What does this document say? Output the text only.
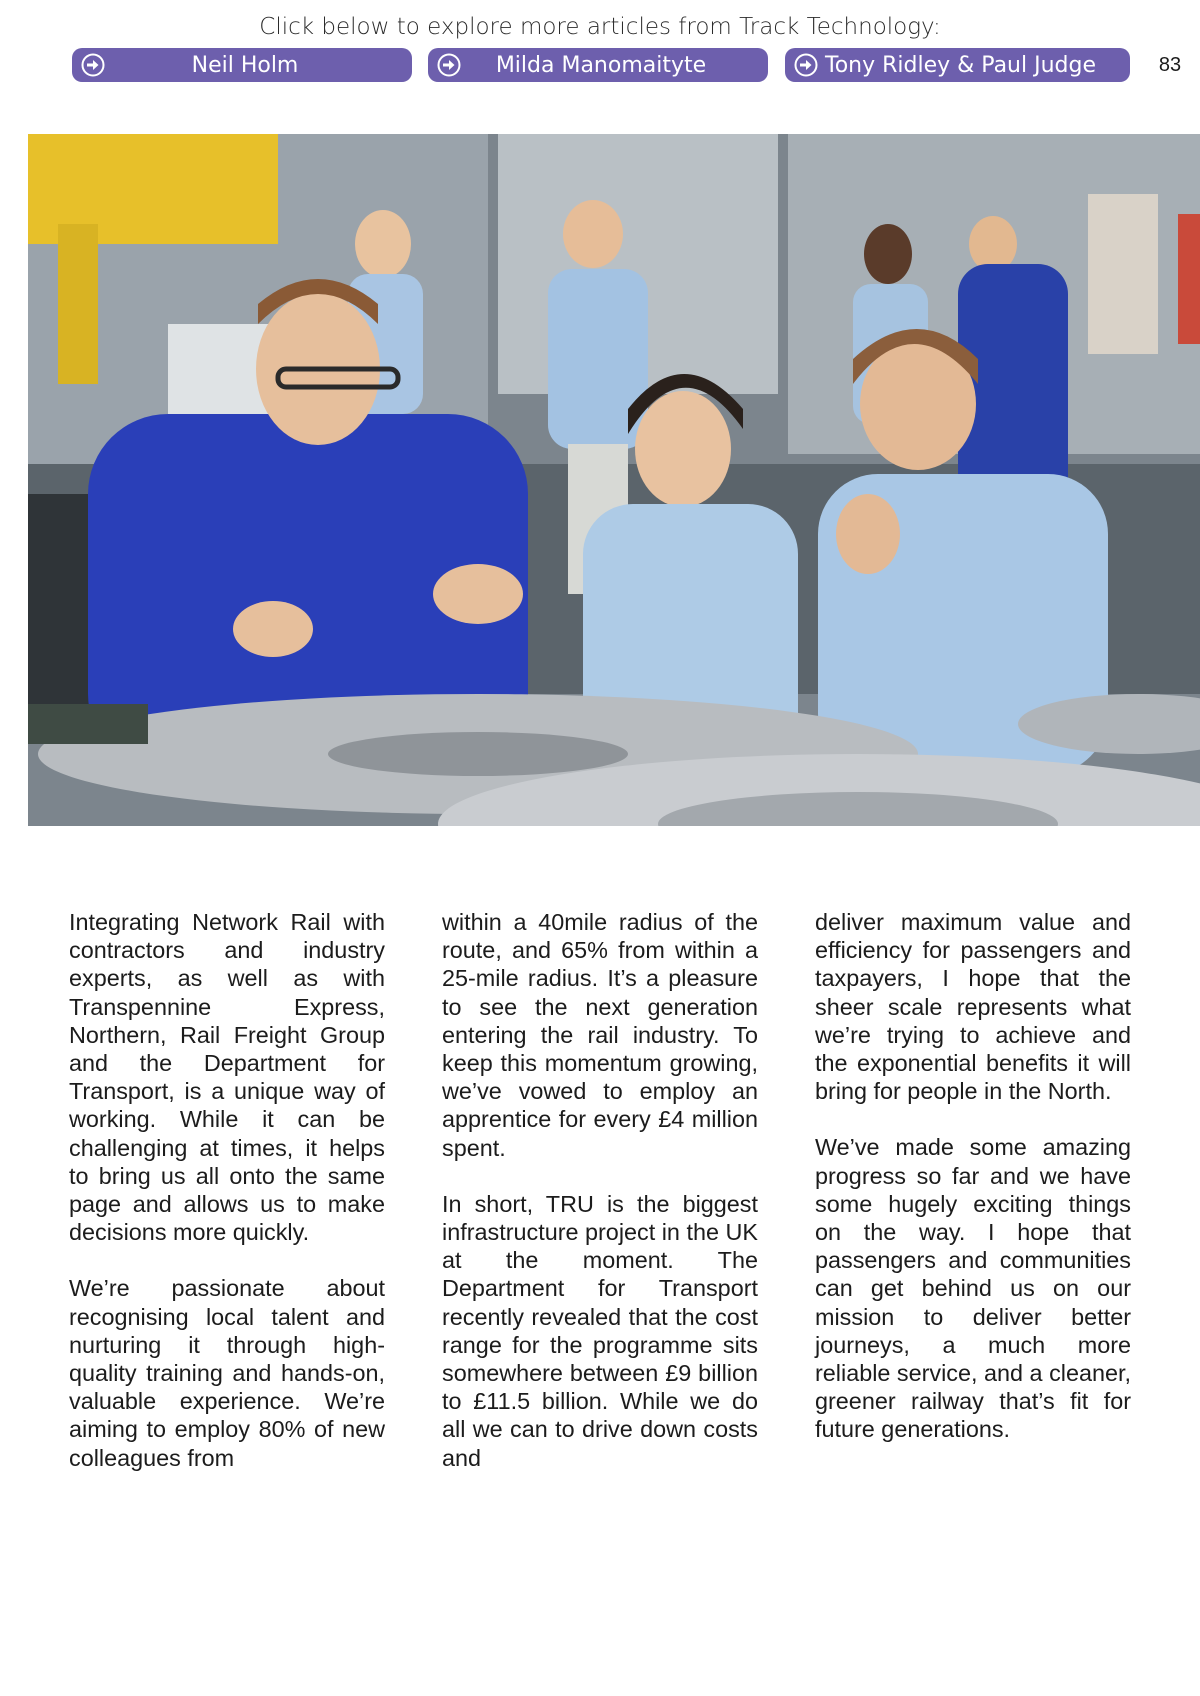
Click below to explore more articles from Track Technology:
Neil Holm	Milda Manomaityte	Tony Ridley & Paul Judge	83

Integrating Network Rail with contractors and industry experts, as well as with Transpennine Express, Northern, Rail Freight Group and the Department for Transport, is a unique way of working. While it can be challenging at times, it helps to bring us all onto the same page and allows us to make decisions more quickly.

We’re passionate about recognising local talent and nurturing it through high-quality training and hands-on, valuable experience. We’re aiming to employ 80% of new colleagues from

within a 40mile radius of the route, and 65% from within a 25-mile radius. It’s a pleasure to see the next generation entering the rail industry. To keep this momentum growing, we’ve vowed to employ an apprentice for every £4 million spent.

In short, TRU is the biggest infrastructure project in the UK at the moment. The Department for Transport recently revealed that the cost range for the programme sits somewhere between £9 billion to £11.5 billion. While we do all we can to drive down costs and

deliver maximum value and efficiency for passengers and taxpayers, I hope that the sheer scale represents what we’re trying to achieve and the exponential benefits it will bring for people in the North.

We’ve made some amazing progress so far and we have some hugely exciting things on the way. I hope that passengers and communities can get behind us on our mission to deliver better journeys, a much more reliable service, and a cleaner, greener railway that’s fit for future generations.
